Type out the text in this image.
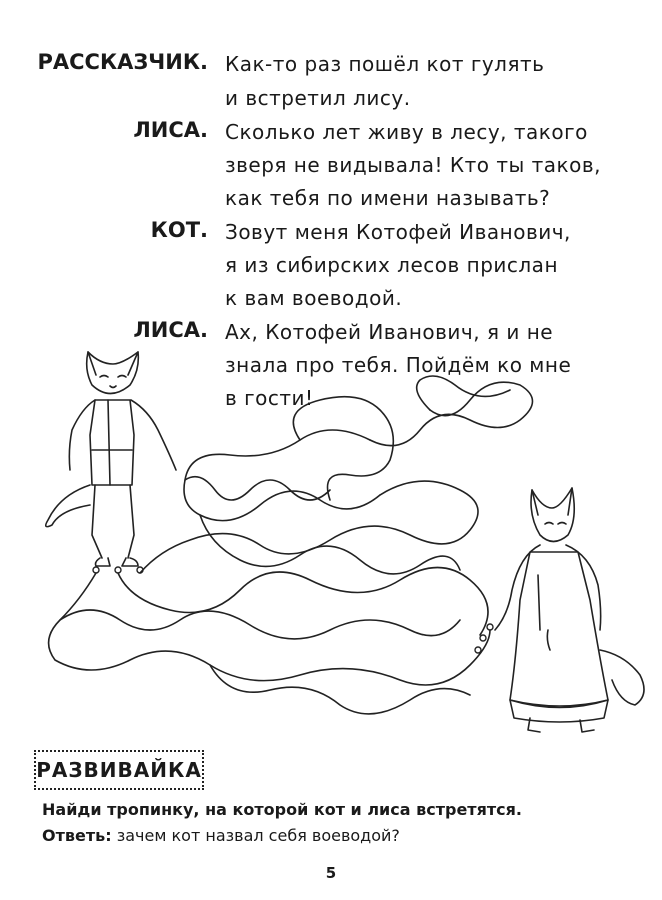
РАССКАЗЧИК. Как-то раз пошёл кот гулять
и встретил лису.
ЛИСА. Сколько лет живу в лесу, такого
зверя не видывала! Кто ты таков,
как тебя по имени называть?
КОТ. Зовут меня Котофей Иванович,
я из сибирских лесов прислан
к вам воеводой.
ЛИСА. Ах, Котофей Иванович, я и не
знала про тебя. Пойдём ко мне
в гости!
РАЗВИВАЙКА
Найди тропинку, на которой кот и лиса встретятся.
Ответь: зачем кот назвал себя воеводой?
5
